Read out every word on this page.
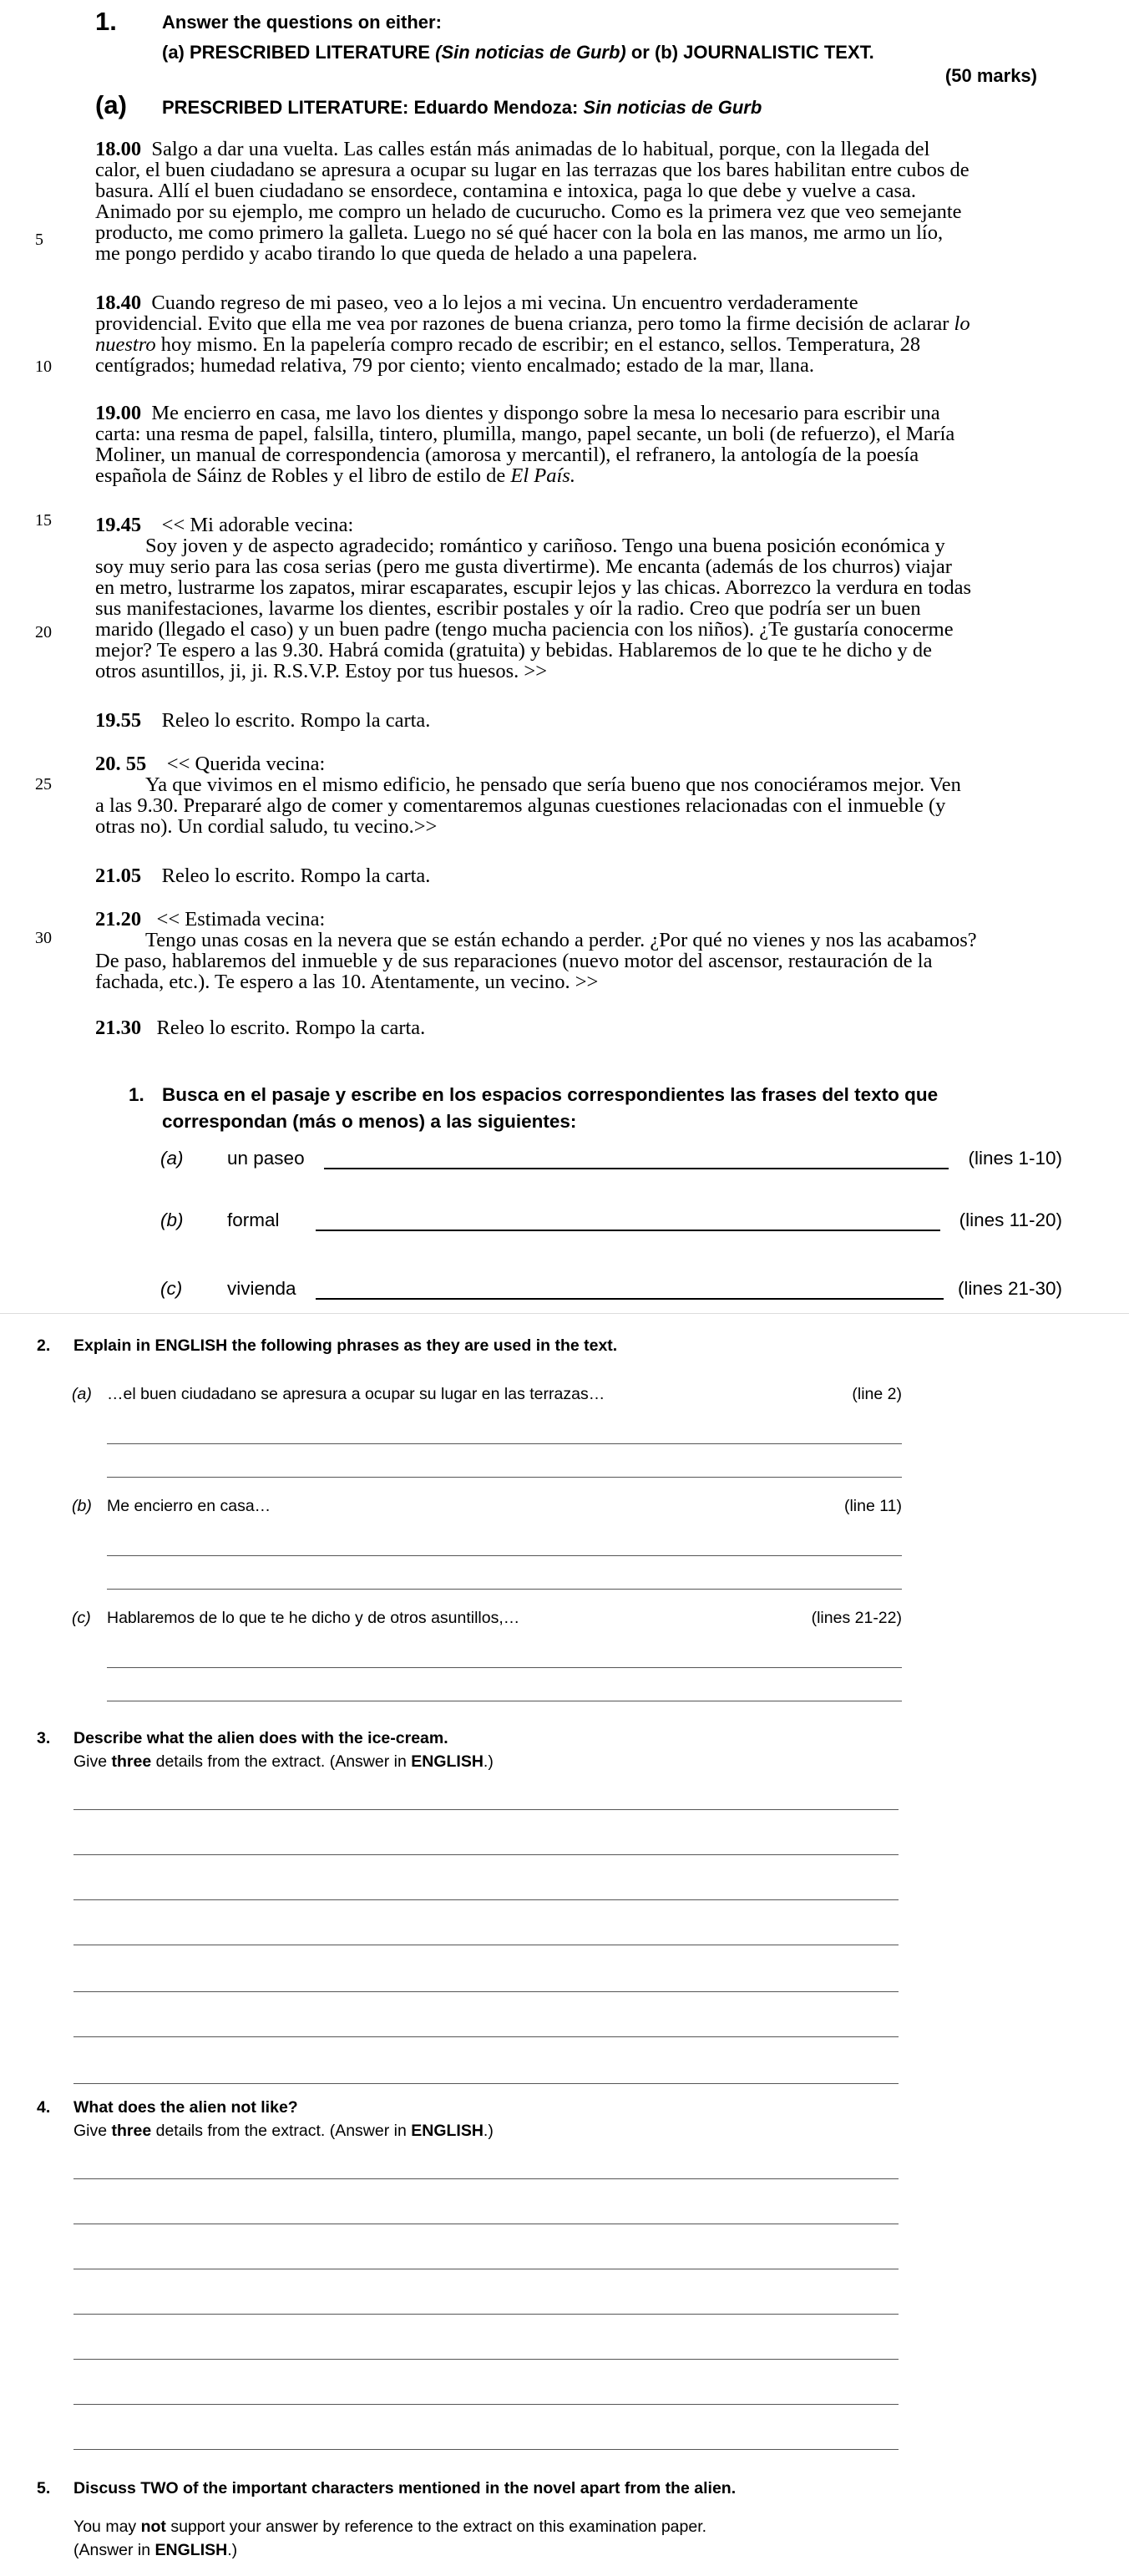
1. Answer the questions on either:
(a) PRESCRIBED LITERATURE (Sin noticias de Gurb) or (b) JOURNALISTIC TEXT.
(50 marks)
(a) PRESCRIBED LITERATURE: Eduardo Mendoza: Sin noticias de Gurb
18.00 Salgo a dar una vuelta. Las calles están más animadas de lo habitual, porque, con la llegada del
calor, el buen ciudadano se apresura a ocupar su lugar en las terrazas que los bares habilitan entre cubos de
basura. Allí el buen ciudadano se ensordece, contamina e intoxica, paga lo que debe y vuelve a casa.
Animado por su ejemplo, me compro un helado de cucurucho. Como es la primera vez que veo semejante
producto, me como primero la galleta. Luego no sé qué hacer con la bola en las manos, me armo un lío,
me pongo perdido y acabo tirando lo que queda de helado a una papelera.
18.40 Cuando regreso de mi paseo, veo a lo lejos a mi vecina. Un encuentro verdaderamente
providencial. Evito que ella me vea por razones de buena crianza, pero tomo la firme decisión de aclarar lo
nuestro hoy mismo. En la papelería compro recado de escribir; en el estanco, sellos. Temperatura, 28
centígrados; humedad relativa, 79 por ciento; viento encalmado; estado de la mar, llana.
19.00 Me encierro en casa, me lavo los dientes y dispongo sobre la mesa lo necesario para escribir una
carta: una resma de papel, falsilla, tintero, plumilla, mango, papel secante, un boli (de refuerzo), el María
Moliner, un manual de correspondencia (amorosa y mercantil), el refranero, la antología de la poesía
española de Sáinz de Robles y el libro de estilo de El País.
19.45 << Mi adorable vecina:
Soy joven y de aspecto agradecido; romántico y cariñoso. Tengo una buena posición económica y
soy muy serio para las cosa serias (pero me gusta divertirme). Me encanta (además de los churros) viajar
en metro, lustrarme los zapatos, mirar escaparates, escupir lejos y las chicas. Aborrezco la verdura en todas
sus manifestaciones, lavarme los dientes, escribir postales y oír la radio. Creo que podría ser un buen
marido (llegado el caso) y un buen padre (tengo mucha paciencia con los niños). ¿Te gustaría conocerme
mejor? Te espero a las 9.30. Habrá comida (gratuita) y bebidas. Hablaremos de lo que te he dicho y de
otros asuntillos, ji, ji. R.S.V.P. Estoy por tus huesos. >>
19.55 Releo lo escrito. Rompo la carta.
20. 55 << Querida vecina:
Ya que vivimos en el mismo edificio, he pensado que sería bueno que nos conociéramos mejor. Ven
a las 9.30. Prepararé algo de comer y comentaremos algunas cuestiones relacionadas con el inmueble (y
otras no). Un cordial saludo, tu vecino.>>
21.05 Releo lo escrito. Rompo la carta.
21.20 << Estimada vecina:
Tengo unas cosas en la nevera que se están echando a perder. ¿Por qué no vienes y nos las acabamos?
De paso, hablaremos del inmueble y de sus reparaciones (nuevo motor del ascensor, restauración de la
fachada, etc.). Te espero a las 10. Atentamente, un vecino. >>
21.30 Releo lo escrito. Rompo la carta.
5
10
15
20
25
30
1. Busca en el pasaje y escribe en los espacios correspondientes las frases del texto que
correspondan (más o menos) a las siguientes:
(a) un paseo	(lines 1-10)
(b) formal	(lines 11-20)
(c) vivienda	(lines 21-30)
2. Explain in ENGLISH the following phrases as they are used in the text.
(a) …el buen ciudadano se apresura a ocupar su lugar en las terrazas…	(line 2)
(b) Me encierro en casa…	(line 11)
(c) Hablaremos de lo que te he dicho y de otros asuntillos,…	(lines 21-22)
3. Describe what the alien does with the ice-cream.
Give three details from the extract. (Answer in ENGLISH.)
4. What does the alien not like?
Give three details from the extract. (Answer in ENGLISH.)
5. Discuss TWO of the important characters mentioned in the novel apart from the alien.
You may not support your answer by reference to the extract on this examination paper.
(Answer in ENGLISH.)
